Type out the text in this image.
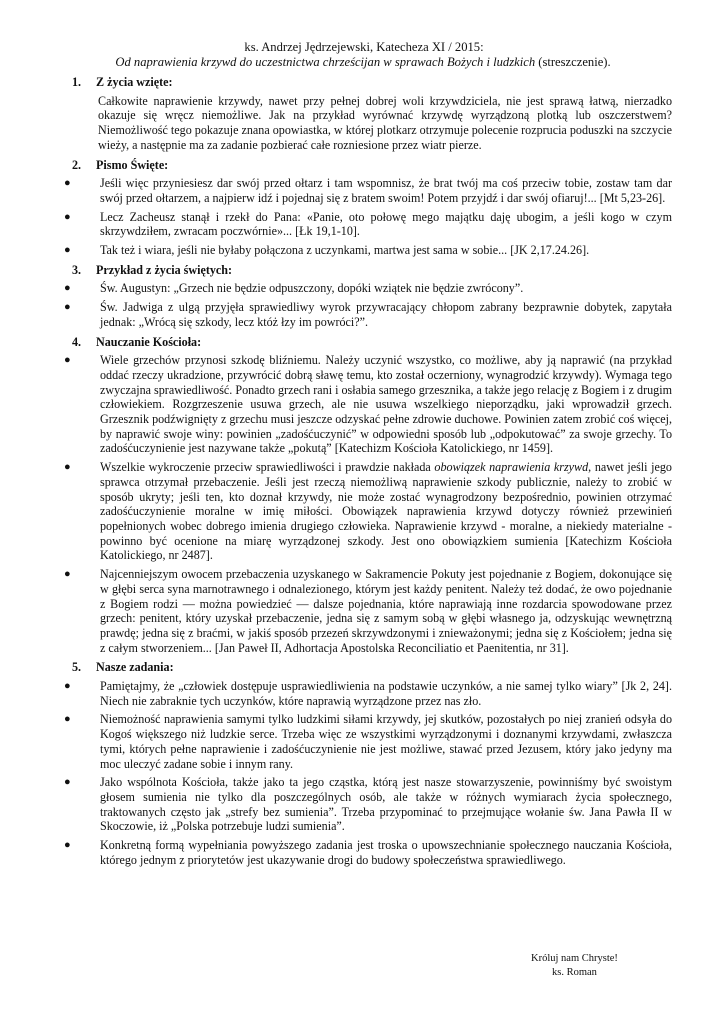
ks. Andrzej Jędrzejewski, Katecheza XI / 2015:
Od naprawienia krzywd do uczestnictwa chrześcijan w sprawach Bożych i ludzkich (streszczenie).
1.	Z życia wzięte:
Całkowite naprawienie krzywdy, nawet przy pełnej dobrej woli krzywdziciela, nie jest sprawą łatwą, nierzadko okazuje się wręcz niemożliwe. Jak na przykład wyrównać krzywdę wyrządzoną plotką lub oszczerstwem? Niemożliwość tego pokazuje znana opowiastka, w której plotkarz otrzymuje polecenie rozprucia poduszki na szczycie wieży, a następnie ma za zadanie pozbierać całe rozniesione przez wiatr pierze.
2.	Pismo Święte:
●	Jeśli więc przyniesiesz dar swój przed ołtarz i tam wspomnisz, że brat twój ma coś przeciw tobie, zostaw tam dar swój przed ołtarzem, a najpierw idź i pojednaj się z bratem swoim! Potem przyjdź i dar swój ofiaruj!... [Mt 5,23-26].
●	Lecz Zacheusz stanął i rzekł do Pana: «Panie, oto połowę mego majątku daję ubogim, a jeśli kogo w czym skrzywdziłem, zwracam poczwórnie»... [Łk 19,1-10].
●	Tak też i wiara, jeśli nie byłaby połączona z uczynkami, martwa jest sama w sobie... [JK 2,17.24.26].
3.	Przykład z życia świętych:
●	Św. Augustyn: „Grzech nie będzie odpuszczony, dopóki wziątek nie będzie zwrócony”.
●	Św. Jadwiga z ulgą przyjęła sprawiedliwy wyrok przywracający chłopom zabrany bezprawnie dobytek, zapytała jednak: „Wrócą się szkody, lecz któż łzy im powróci?”.
4.	Nauczanie Kościoła:
●	Wiele grzechów przynosi szkodę bliźniemu. Należy uczynić wszystko, co możliwe, aby ją naprawić (na przykład oddać rzeczy ukradzione, przywrócić dobrą sławę temu, kto został oczerniony, wynagrodzić krzywdy). Wymaga tego zwyczajna sprawiedliwość. Ponadto grzech rani i osłabia samego grzesznika, a także jego relację z Bogiem i z drugim człowiekiem. Rozgrzeszenie usuwa grzech, ale nie usuwa wszelkiego nieporządku, jaki wprowadził grzech. Grzesznik podźwignięty z grzechu musi jeszcze odzyskać pełne zdrowie duchowe. Powinien zatem zrobić coś więcej, by naprawić swoje winy: powinien „zadośćuczynić” w odpowiedni sposób lub „odpokutować” za swoje grzechy. To zadośćuczynienie jest nazywane także „pokutą” [Katechizm Kościoła Katolickiego, nr 1459].
●	Wszelkie wykroczenie przeciw sprawiedliwości i prawdzie nakłada obowiązek naprawienia krzywd, nawet jeśli jego sprawca otrzymał przebaczenie. Jeśli jest rzeczą niemożliwą naprawienie szkody publicznie, należy to zrobić w sposób ukryty; jeśli ten, kto doznał krzywdy, nie może zostać wynagrodzony bezpośrednio, powinien otrzymać zadośćuczynienie moralne w imię miłości. Obowiązek naprawienia krzywd dotyczy również przewinień popełnionych wobec dobrego imienia drugiego człowieka. Naprawienie krzywd - moralne, a niekiedy materialne - powinno być ocenione na miarę wyrządzonej szkody. Jest ono obowiązkiem sumienia [Katechizm Kościoła Katolickiego, nr 2487].
●	Najcenniejszym owocem przebaczenia uzyskanego w Sakramencie Pokuty jest pojednanie z Bogiem, dokonujące się w głębi serca syna marnotrawnego i odnalezionego, którym jest każdy penitent. Należy też dodać, że owo pojednanie z Bogiem rodzi — można powiedzieć — dalsze pojednania, które naprawiają inne rozdarcia spowodowane przez grzech: penitent, który uzyskał przebaczenie, jedna się z samym sobą w głębi własnego ja, odzyskując wewnętrzną prawdę; jedna się z braćmi, w jakiś sposób przezeń skrzywdzonymi i znieważonymi; jedna się z Kościołem; jedna się z całym stworzeniem... [Jan Paweł II, Adhortacja Apostolska Reconciliatio et Paenitentia, nr 31].
5.	Nasze zadania:
●	Pamiętajmy, że „człowiek dostępuje usprawiedliwienia na podstawie uczynków, a nie samej tylko wiary” [Jk 2, 24]. Niech nie zabraknie tych uczynków, które naprawią wyrządzone przez nas zło.
●	Niemożność naprawienia samymi tylko ludzkimi siłami krzywdy, jej skutków, pozostałych po niej zranień odsyła do Kogoś większego niż ludzkie serce. Trzeba więc ze wszystkimi wyrządzonymi i doznanymi krzywdami, zwłaszcza tymi, których pełne naprawienie i zadośćuczynienie nie jest możliwe, stawać przed Jezusem, który jako jedyny ma moc uleczyć zadane sobie i innym rany.
●	Jako wspólnota Kościoła, także jako ta jego cząstka, którą jest nasze stowarzyszenie, powinniśmy być swoistym głosem sumienia nie tylko dla poszczególnych osób, ale także w różnych wymiarach życia społecznego, traktowanych często jak „strefy bez sumienia”. Trzeba przypominać to przejmujące wołanie św. Jana Pawła II w Skoczowie, iż „Polska potrzebuje ludzi sumienia”.
●	Konkretną formą wypełniania powyższego zadania jest troska o upowszechnianie społecznego nauczania Kościoła, którego jednym z priorytetów jest ukazywanie drogi do budowy społeczeństwa sprawiedliwego.
Króluj nam Chryste!
ks. Roman
